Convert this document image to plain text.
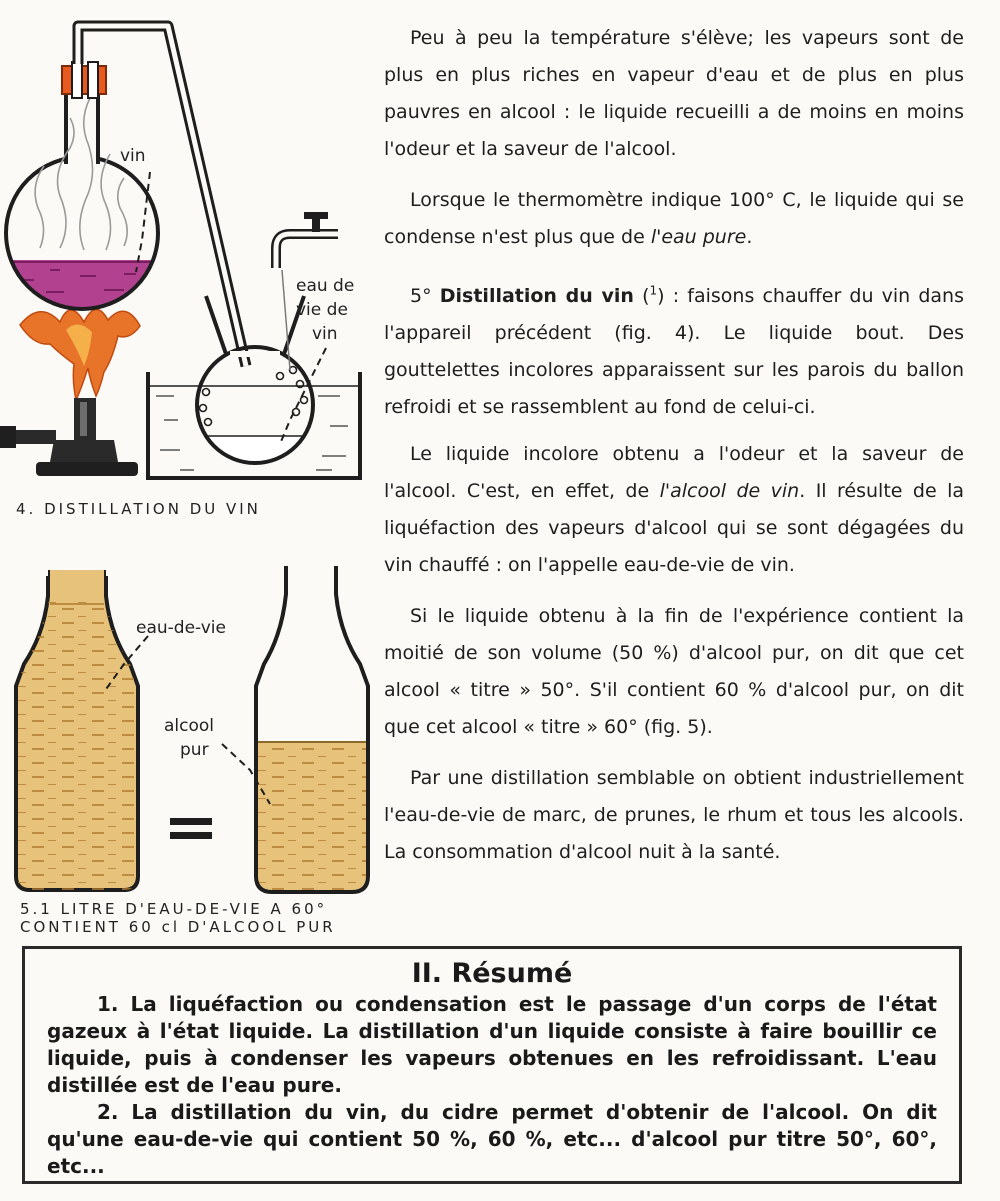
vin
eau de
vie de
vin
4. DISTILLATION DU VIN
eau-de-vie
alcool
pur
5.1 LITRE D'EAU-DE-VIE A 60°
CONTIENT 60 cl D'ALCOOL PUR

Peu à peu la température s'élève; les vapeurs sont de plus en plus riches en vapeur d'eau et de plus en plus pauvres en alcool : le liquide recueilli a de moins en moins l'odeur et la saveur de l'alcool.

Lorsque le thermomètre indique 100° C, le liquide qui se condense n'est plus que de l'eau pure.

5° Distillation du vin ($^1$) : faisons chauffer du vin dans l'appareil précédent (fig. 4). Le liquide bout. Des gouttelettes incolores apparaissent sur les parois du ballon refroidi et se rassemblent au fond de celui-ci.

Le liquide incolore obtenu a l'odeur et la saveur de l'alcool. C'est, en effet, de l'alcool de vin. Il résulte de la liquéfaction des vapeurs d'alcool qui se sont dégagées du vin chauffé : on l'appelle eau-de-vie de vin.

Si le liquide obtenu à la fin de l'expérience contient la moitié de son volume (50 %) d'alcool pur, on dit que cet alcool « titre » 50°. S'il contient 60 % d'alcool pur, on dit que cet alcool « titre » 60° (fig. 5).

Par une distillation semblable on obtient industriellement l'eau-de-vie de marc, de prunes, le rhum et tous les alcools. La consommation d'alcool nuit à la santé.

II. Résumé

1. La liquéfaction ou condensation est le passage d'un corps de l'état gazeux à l'état liquide. La distillation d'un liquide consiste à faire bouillir ce liquide, puis à condenser les vapeurs obtenues en les refroidissant. L'eau distillée est de l'eau pure.

2. La distillation du vin, du cidre permet d'obtenir de l'alcool. On dit qu'une eau-de-vie qui contient 50 %, 60 %, etc... d'alcool pur titre 50°, 60°, etc...
